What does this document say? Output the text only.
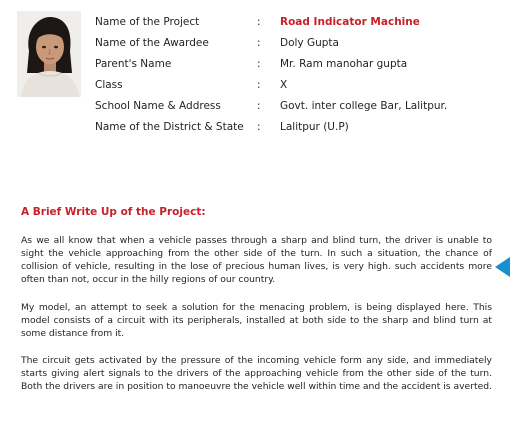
Name of the Project	: Road Indicator Machine
Name of the Awardee	: Doly Gupta
Parent's Name	: Mr. Ram manohar gupta
Class	: X
School Name & Address	: Govt. inter college Bar, Lalitpur.
Name of the District & State : Lalitpur (U.P)
A Brief Write Up of the Project:

As we all know that when a vehicle passes through a sharp and blind turn, the driver is unable to sight the vehicle approaching from the other side of the turn. In such a situation, the chance of collision of vehicle, resulting in the lose of precious human lives, is very high. such accidents more often than not, occur in the hilly regions of our country.

My model, an attempt to seek a solution for the menacing problem, is being displayed here. This model consists of a circuit with its peripherals, installed at both side to the sharp and blind turn at some distance from it.

The circuit gets activated by the pressure of the incoming vehicle form any side, and immediately starts giving alert signals to the drivers of the approaching vehicle from the other side of the turn. Both the drivers are in position to manoeuvre the vehicle well within time and the accident is averted.
